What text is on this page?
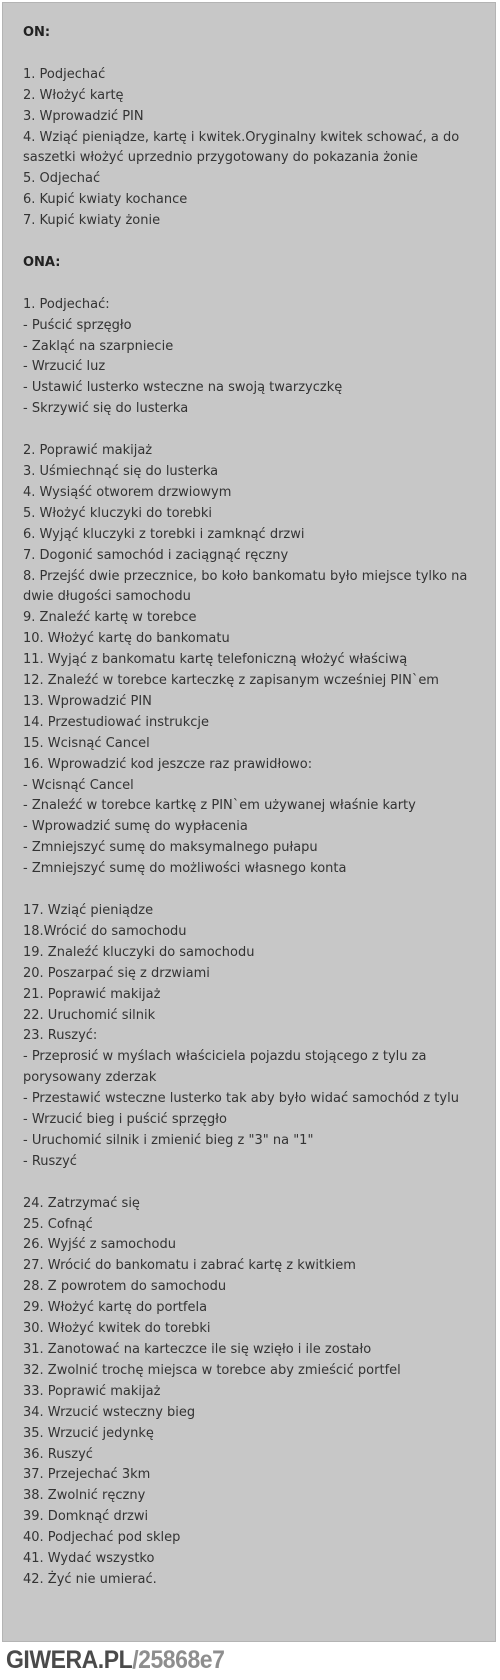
ON:

1. Podjechać

2. Włożyć kartę

3. Wprowadzić PIN

4. Wziąć pieniądze, kartę i kwitek.Oryginalny kwitek schować, a do saszetki włożyć uprzednio przygotowany do pokazania żonie

5. Odjechać

6. Kupić kwiaty kochance

7. Kupić kwiaty żonie

ONA:

1. Podjechać:

- Puścić sprzęgło

- Zakląć na szarpniecie

- Wrzucić luz

- Ustawić lusterko wsteczne na swoją twarzyczkę

- Skrzywić się do lusterka

2. Poprawić makijaż

3. Uśmiechnąć się do lusterka

4. Wysiąść otworem drzwiowym

5. Włożyć kluczyki do torebki

6. Wyjąć kluczyki z torebki i zamknąć drzwi

7. Dogonić samochód i zaciągnąć ręczny

8. Przejść dwie przecznice, bo koło bankomatu było miejsce tylko na dwie długości samochodu

9. Znaleźć kartę w torebce

10. Włożyć kartę do bankomatu

11. Wyjąć z bankomatu kartę telefoniczną włożyć właściwą

12. Znaleźć w torebce karteczkę z zapisanym wcześniej PIN`em

13. Wprowadzić PIN

14. Przestudiować instrukcje

15. Wcisnąć Cancel

16. Wprowadzić kod jeszcze raz prawidłowo:

- Wcisnąć Cancel

- Znaleźć w torebce kartkę z PIN`em używanej właśnie karty

- Wprowadzić sumę do wypłacenia

- Zmniejszyć sumę do maksymalnego pułapu

- Zmniejszyć sumę do możliwości własnego konta

17. Wziąć pieniądze

18.Wrócić do samochodu

19. Znaleźć kluczyki do samochodu

20. Poszarpać się z drzwiami

21. Poprawić makijaż

22. Uruchomić silnik

23. Ruszyć:

- Przeprosić w myślach właściciela pojazdu stojącego z tylu za porysowany zderzak

- Przestawić wsteczne lusterko tak aby było widać samochód z tylu

- Wrzucić bieg i puścić sprzęgło

- Uruchomić silnik i zmienić bieg z "3" na "1"

- Ruszyć

24. Zatrzymać się

25. Cofnąć

26. Wyjść z samochodu

27. Wrócić do bankomatu i zabrać kartę z kwitkiem

28. Z powrotem do samochodu

29. Włożyć kartę do portfela

30. Włożyć kwitek do torebki

31. Zanotować na karteczce ile się wzięło i ile zostało

32. Zwolnić trochę miejsca w torebce aby zmieścić portfel

33. Poprawić makijaż

34. Wrzucić wsteczny bieg

35. Wrzucić jedynkę

36. Ruszyć

37. Przejechać 3km

38. Zwolnić ręczny

39. Domknąć drzwi

40. Podjechać pod sklep

41. Wydać wszystko

42. Żyć nie umierać.

GIWERA.PL/25868e7
